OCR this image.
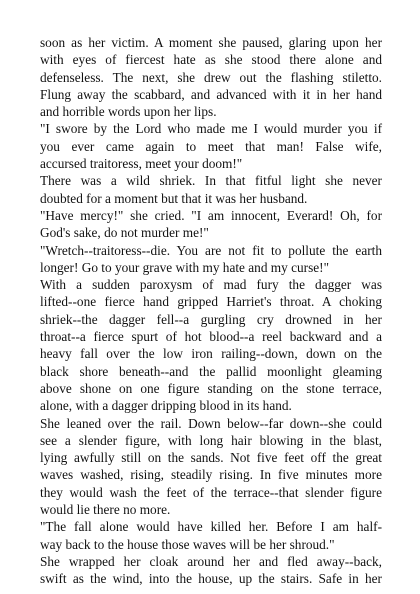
soon as her victim. A moment she paused, glaring upon her
with eyes of fiercest hate as she stood there alone and
defenseless. The next, she drew out the flashing stiletto.
Flung away the scabbard, and advanced with it in her hand
and horrible words upon her lips.
"I swore by the Lord who made me I would murder you if
you ever came again to meet that man! False wife,
accursed traitoress, meet your doom!"
There was a wild shriek. In that fitful light she never
doubted for a moment but that it was her husband.
"Have mercy!" she cried. "I am innocent, Everard! Oh, for
God's sake, do not murder me!"
"Wretch--traitoress--die. You are not fit to pollute the earth
longer! Go to your grave with my hate and my curse!"
With a sudden paroxysm of mad fury the dagger was
lifted--one fierce hand gripped Harriet's throat. A choking
shriek--the dagger fell--a gurgling cry drowned in her
throat--a fierce spurt of hot blood--a reel backward and a
heavy fall over the low iron railing--down, down on the
black shore beneath--and the pallid moonlight gleaming
above shone on one figure standing on the stone terrace,
alone, with a dagger dripping blood in its hand.
She leaned over the rail. Down below--far down--she could
see a slender figure, with long hair blowing in the blast,
lying awfully still on the sands. Not five feet off the great
waves washed, rising, steadily rising. In five minutes more
they would wash the feet of the terrace--that slender figure
would lie there no more.
"The fall alone would have killed her. Before I am half-
way back to the house those waves will be her shroud."
She wrapped her cloak around her and fled away--back,
swift as the wind, into the house, up the stairs. Safe in her
